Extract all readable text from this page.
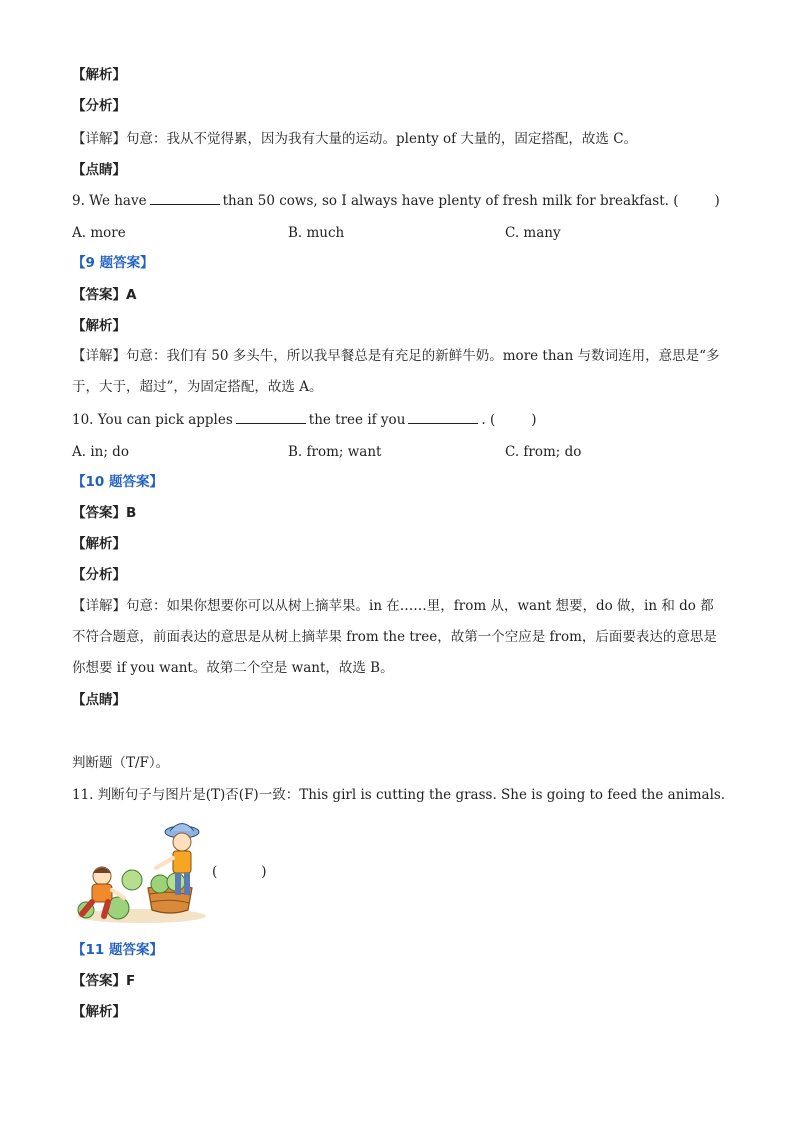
【解析】
【分析】
【详解】句意：我从不觉得累，因为我有大量的运动。plenty of 大量的，固定搭配，故选 C。
【点睛】
9. We have	than 50 cows, so I always have plenty of fresh milk for breakfast. (	)
A. more	B. much	C. many
【9 题答案】
【答案】A
【解析】
【详解】句意：我们有 50 多头牛，所以我早餐总是有充足的新鲜牛奶。more than 与数词连用，意思是“多于，大于，超过”，为固定搭配，故选 A。
10. You can pick apples	the tree if you	. (	)
A. in; do	B. from; want	C. from; do
【10 题答案】
【答案】B
【解析】
【分析】
【详解】句意：如果你想要你可以从树上摘苹果。in 在……里，from 从，want 想要，do 做，in 和 do 都不符合题意，前面表达的意思是从树上摘苹果 from the tree，故第一个空应是 from，后面要表达的意思是你想要 if you want。故第二个空是 want，故选 B。
【点睛】
判断题（T/F）。
11. 判断句子与图片是(T)否(F)一致：This girl is cutting the grass. She is going to feed the animals.
(	)
【11 题答案】
【答案】F
【解析】
